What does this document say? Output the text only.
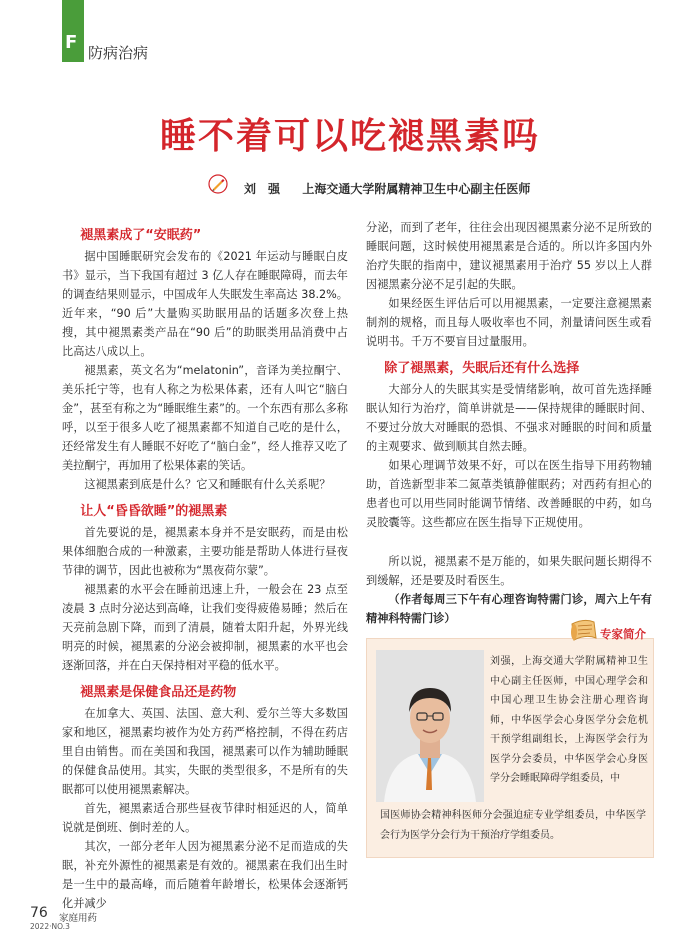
F 防病治病
睡不着可以吃褪黑素吗
刘　强 上海交通大学附属精神卫生中心副主任医师
褪黑素成了“安眠药”

据中国睡眠研究会发布的《2021 年运动与睡眠白皮书》显示，当下我国有超过 3 亿人存在睡眠障碍，而去年的调查结果则显示，中国成年人失眠发生率高达 38.2%。近年来，“90 后”大量购买助眠用品的话题多次登上热搜，其中褪黑素类产品在“90 后”的助眠类用品消费中占比高达八成以上。

褪黑素，英文名为“melatonin”，音译为美拉酮宁、美乐托宁等，也有人称之为松果体素，还有人叫它“脑白金”，甚至有称之为“睡眠维生素”的。一个东西有那么多称呼，以至于很多人吃了褪黑素都不知道自己吃的是什么，还经常发生有人睡眠不好吃了“脑白金”，经人推荐又吃了美拉酮宁，再加用了松果体素的笑话。

这褪黑素到底是什么？它又和睡眠有什么关系呢？

让人“昏昏欲睡”的褪黑素

首先要说的是，褪黑素本身并不是安眠药，而是由松果体细胞合成的一种激素，主要功能是帮助人体进行昼夜节律的调节，因此也被称为“黑夜荷尔蒙”。

褪黑素的水平会在睡前迅速上升，一般会在 23 点至凌晨 3 点时分泌达到高峰，让我们变得疲倦易睡；然后在天亮前急剧下降，而到了清晨，随着太阳升起，外界光线明亮的时候，褪黑素的分泌会被抑制，褪黑素的水平也会逐渐回落，并在白天保持相对平稳的低水平。

褪黑素是保健食品还是药物

在加拿大、英国、法国、意大利、爱尔兰等大多数国家和地区，褪黑素均被作为处方药严格控制，不得在药店里自由销售。而在美国和我国，褪黑素可以作为辅助睡眠的保健食品使用。其实，失眠的类型很多，不是所有的失眠都可以使用褪黑素解决。

首先，褪黑素适合那些昼夜节律时相延迟的人，简单说就是倒班、倒时差的人。

其次，一部分老年人因为褪黑素分泌不足而造成的失眠，补充外源性的褪黑素是有效的。褪黑素在我们出生时是一生中的最高峰，而后随着年龄增长，松果体会逐渐钙化并减少

分泌，而到了老年，往往会出现因褪黑素分泌不足所致的睡眠问题，这时候使用褪黑素是合适的。所以许多国内外治疗失眠的指南中，建议褪黑素用于治疗 55 岁以上人群因褪黑素分泌不足引起的失眠。

如果经医生评估后可以用褪黑素，一定要注意褪黑素制剂的规格，而且每人吸收率也不同，剂量请问医生或看说明书。千万不要盲目过量服用。

除了褪黑素，失眠后还有什么选择

大部分人的失眠其实是受情绪影响，故可首先选择睡眠认知行为治疗，简单讲就是——保持规律的睡眠时间、不要过分放大对睡眠的恐惧、不强求对睡眠的时间和质量的主观要求、做到顺其自然去睡。

如果心理调节效果不好，可以在医生指导下用药物辅助，首选新型非苯二氮䓬类镇静催眠药；对西药有担心的患者也可以用些同时能调节情绪、改善睡眠的中药，如乌灵胶囊等。这些都应在医生指导下正规使用。

所以说，褪黑素不是万能的，如果失眠问题长期得不到缓解，还是要及时看医生。

（作者每周三下午有心理咨询特需门诊，周六上午有精神科特需门诊）

专家简介
刘强，上海交通大学附属精神卫生中心副主任医师，中国心理学会和中国心理卫生协会注册心理咨询师，中华医学会心身医学分会危机干预学组副组长，上海医学会行为医学分会委员，中华医学会心身医学分会睡眠障碍学组委员，中
国医师协会精神科医师分会强迫症专业学组委员，中华医学会行为医学分会行为干预治疗学组委员。
76 家庭用药
2022·NO.3
